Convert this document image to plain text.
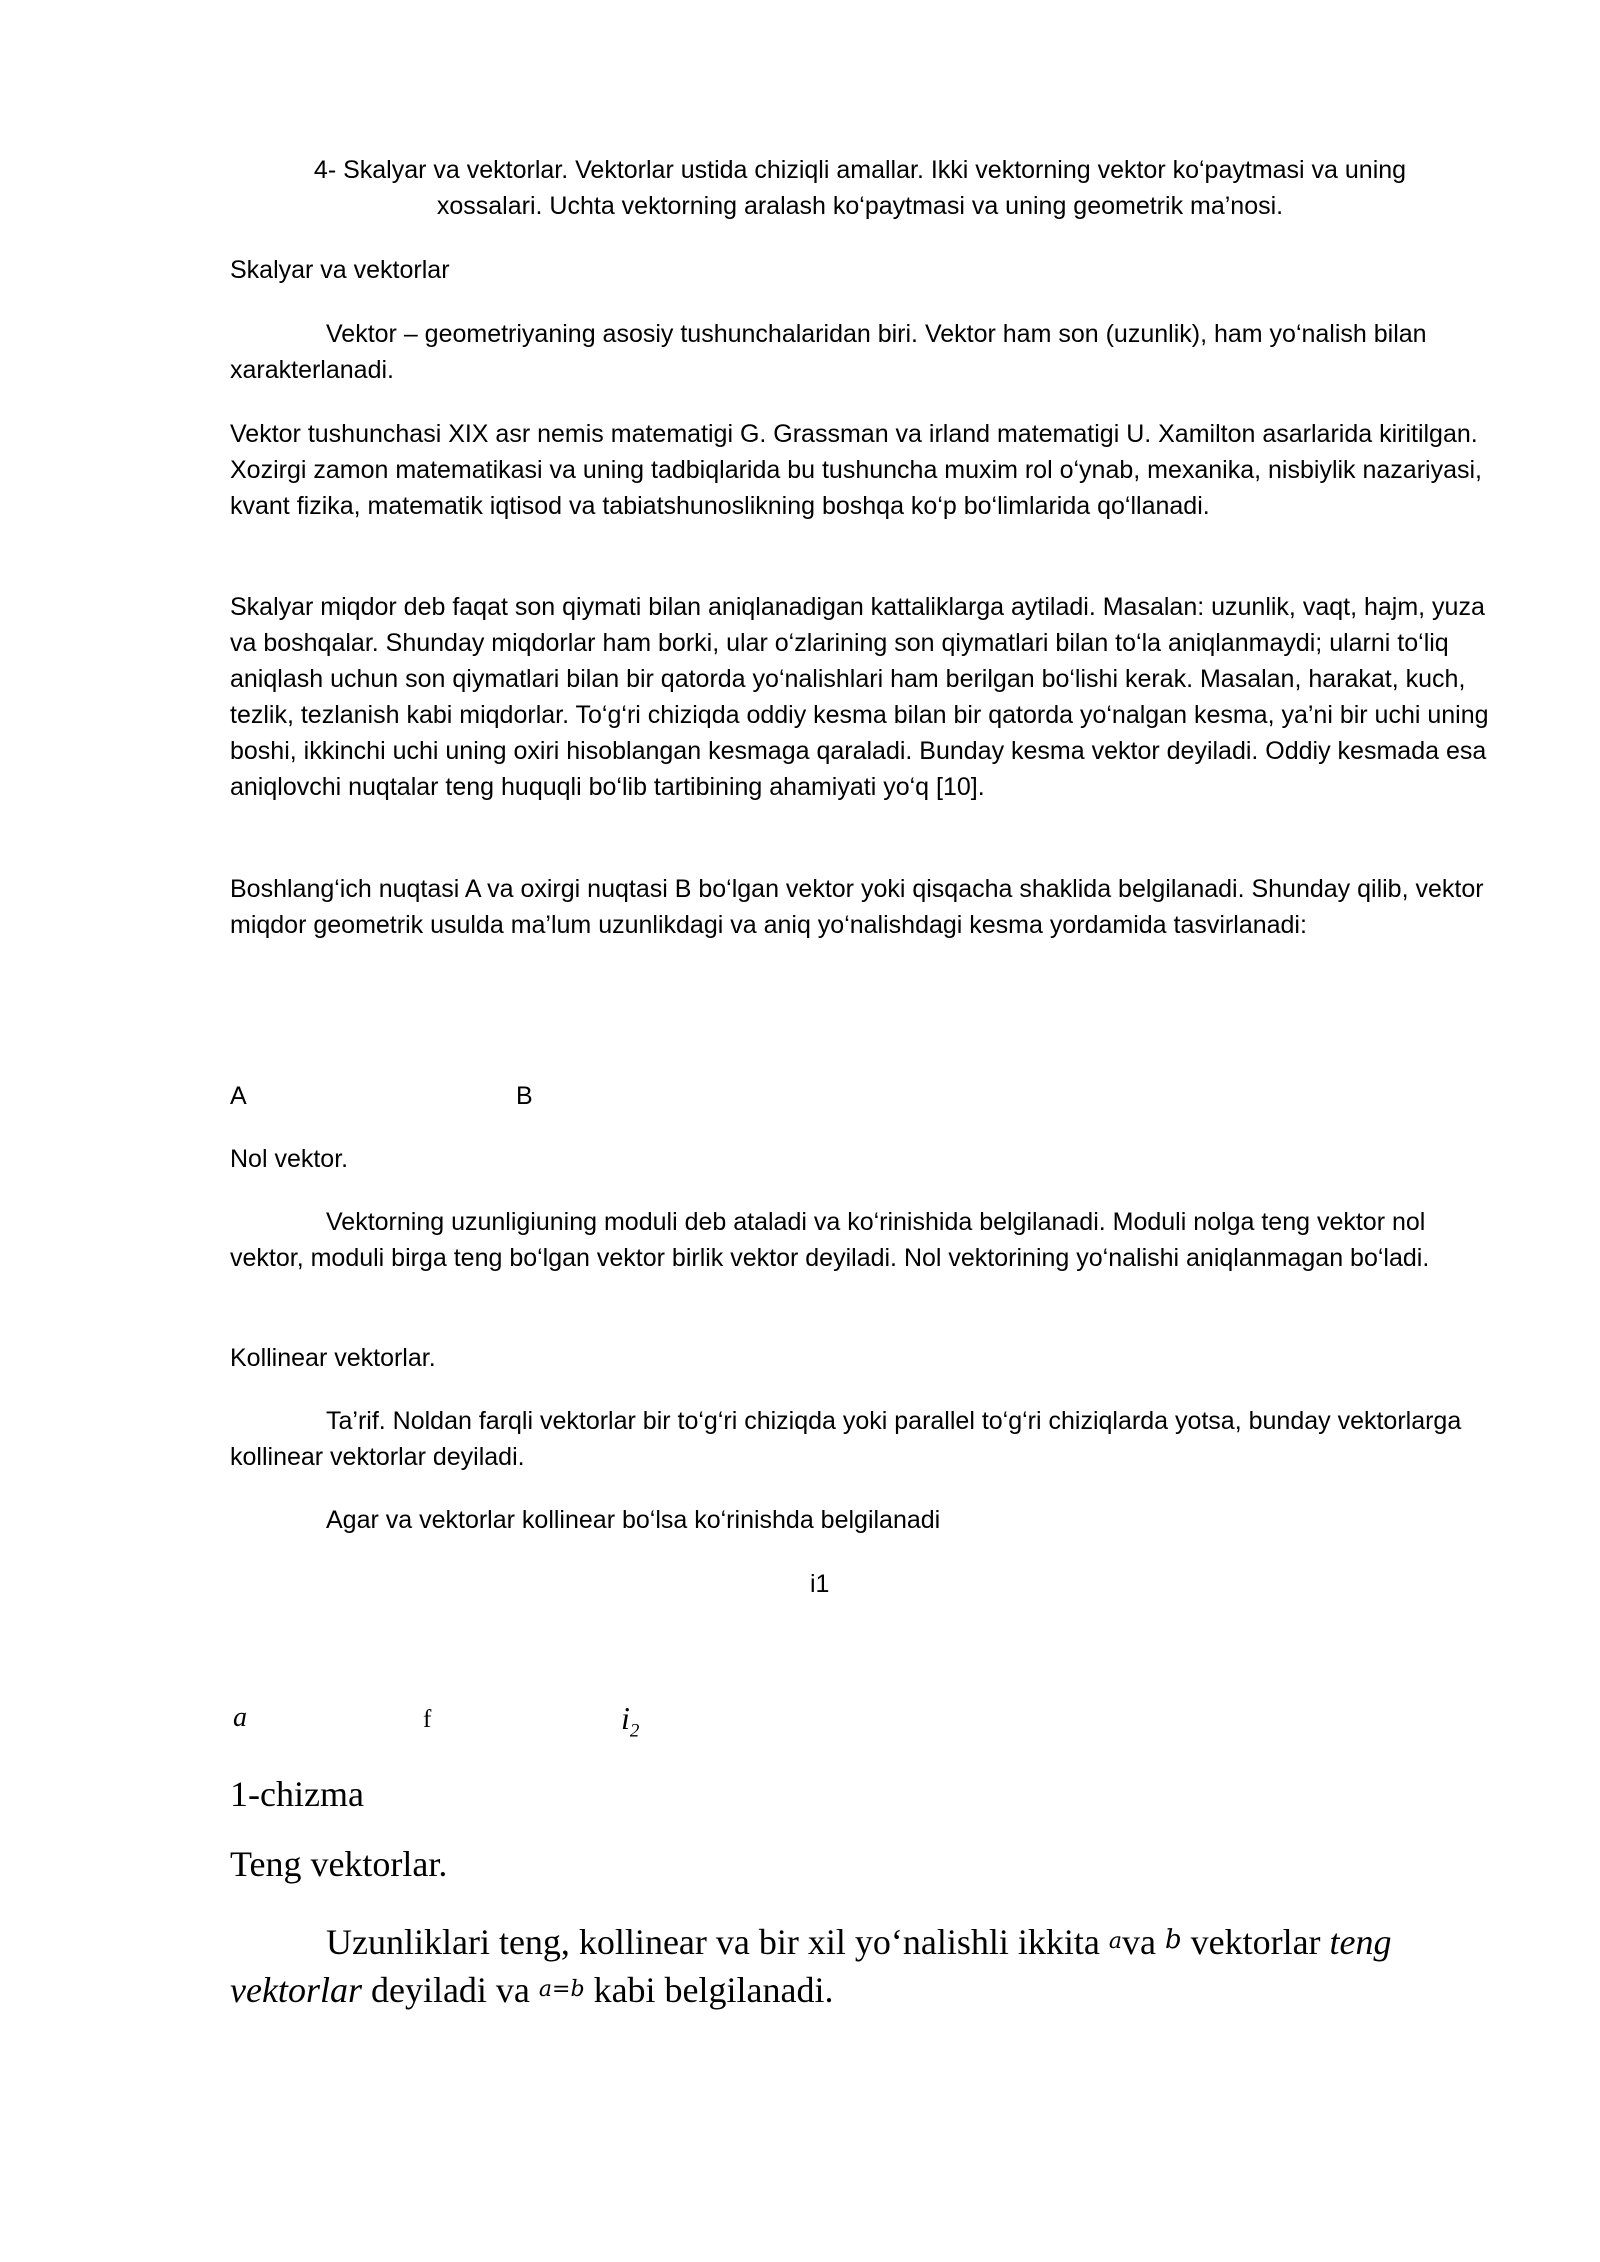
4- Skalyar va vektorlar. Vektorlar ustida chiziqli amallar. Ikki vektorning vektor ko‘paytmasi va uning
xossalari. Uchta vektorning aralash ko‘paytmasi va uning geometrik ma’nosi.

Skalyar va vektorlar

Vektor – geometriyaning asosiy tushunchalaridan biri. Vektor ham son (uzunlik), ham yo‘nalish bilan xarakterlanadi.

Vektor tushunchasi XIX asr nemis matematigi G. Grassman va irland matematigi U. Xamilton asarlarida kiritilgan. Xozirgi zamon matematikasi va uning tadbiqlarida bu tushuncha muxim rol o‘ynab, mexanika, nisbiylik nazariyasi, kvant fizika, matematik iqtisod va tabiatshunoslikning boshqa ko‘p bo‘limlarida qo‘llanadi.

Skalyar miqdor deb faqat son qiymati bilan aniqlanadigan kattaliklarga aytiladi. Masalan: uzunlik, vaqt, hajm, yuza va boshqalar. Shunday miqdorlar ham borki, ular o‘zlarining son qiymatlari bilan to‘la aniqlanmaydi; ularni to‘liq aniqlash uchun son qiymatlari bilan bir qatorda yo‘nalishlari ham berilgan bo‘lishi kerak. Masalan, harakat, kuch, tezlik, tezlanish kabi miqdorlar. To‘g‘ri chiziqda oddiy kesma bilan bir qatorda yo‘nalgan kesma, ya’ni bir uchi uning boshi, ikkinchi uchi uning oxiri hisoblangan kesmaga qaraladi. Bunday kesma vektor deyiladi. Oddiy kesmada esa aniqlovchi nuqtalar teng huquqli bo‘lib tartibining ahamiyati yo‘q [10].

Boshlang‘ich nuqtasi A va oxirgi nuqtasi B bo‘lgan vektor yoki qisqacha shaklida belgilanadi. Shunday qilib, vektor miqdor geometrik usulda ma’lum uzunlikdagi va aniq yo‘nalishdagi kesma yordamida tasvirlanadi:

A	B

Nol vektor.

Vektorning uzunligiuning moduli deb ataladi va ko‘rinishida belgilanadi. Moduli nolga teng vektor nol vektor, moduli birga teng bo‘lgan vektor birlik vektor deyiladi. Nol vektorining yo‘nalishi aniqlanmagan bo‘ladi.

Kollinear vektorlar.

Ta’rif. Noldan farqli vektorlar bir to‘g‘ri chiziqda yoki parallel to‘g‘ri chiziqlarda yotsa, bunday vektorlarga kollinear vektorlar deyiladi.

Agar va vektorlar kollinear bo‘lsa ko‘rinishda belgilanadi

i1
a	f	$i_2$

1-chizma

Teng vektorlar.

Uzunliklari teng, kollinear va bir xil yo‘nalishli ikkita ava b vektorlar teng vektorlar deyiladi va a=b kabi belgilanadi.
